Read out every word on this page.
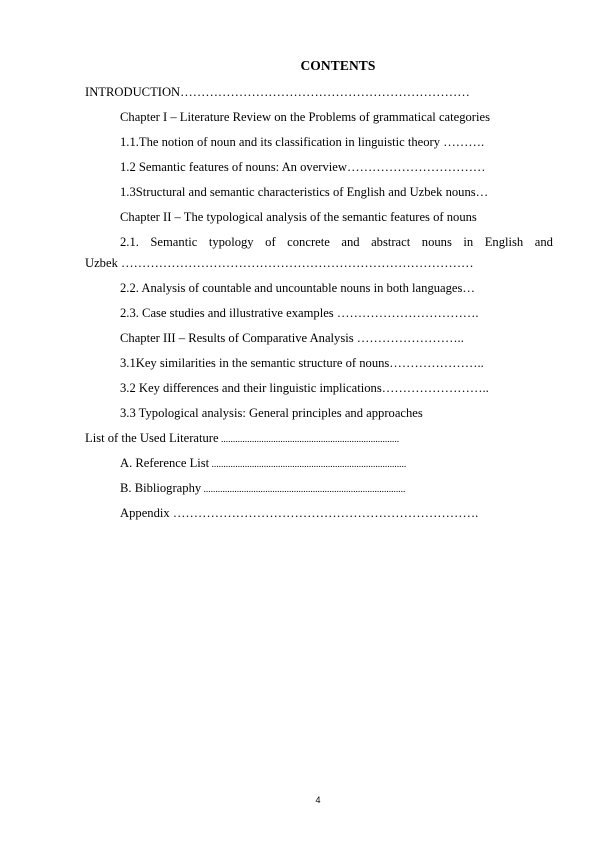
CONTENTS
INTRODUCTION……………………………………………………………
Chapter I – Literature Review on the Problems of grammatical categories
1.1.The notion of noun and its classification in linguistic theory ……….
1.2 Semantic features of nouns: An overview……………………………
1.3Structural and semantic characteristics of English and Uzbek nouns…
Chapter II – The typological analysis of the semantic features of nouns
2.1. Semantic typology of concrete and abstract nouns in English and
Uzbek …………………………………………………………………………
2.2. Analysis of countable and uncountable nouns in both languages…
2.3. Case studies and illustrative examples …………………………….
Chapter III – Results of Comparative Analysis ……………………..
3.1Key similarities in the semantic structure of nouns…………………..
3.2 Key differences and their linguistic implications……………………..
3.3 Typological analysis: General principles and approaches
List of the Used Literature ...........................................................................
A. Reference List ..................................................................................
B. Bibliography .....................................................................................
Appendix ……………………………………………………………….
4
